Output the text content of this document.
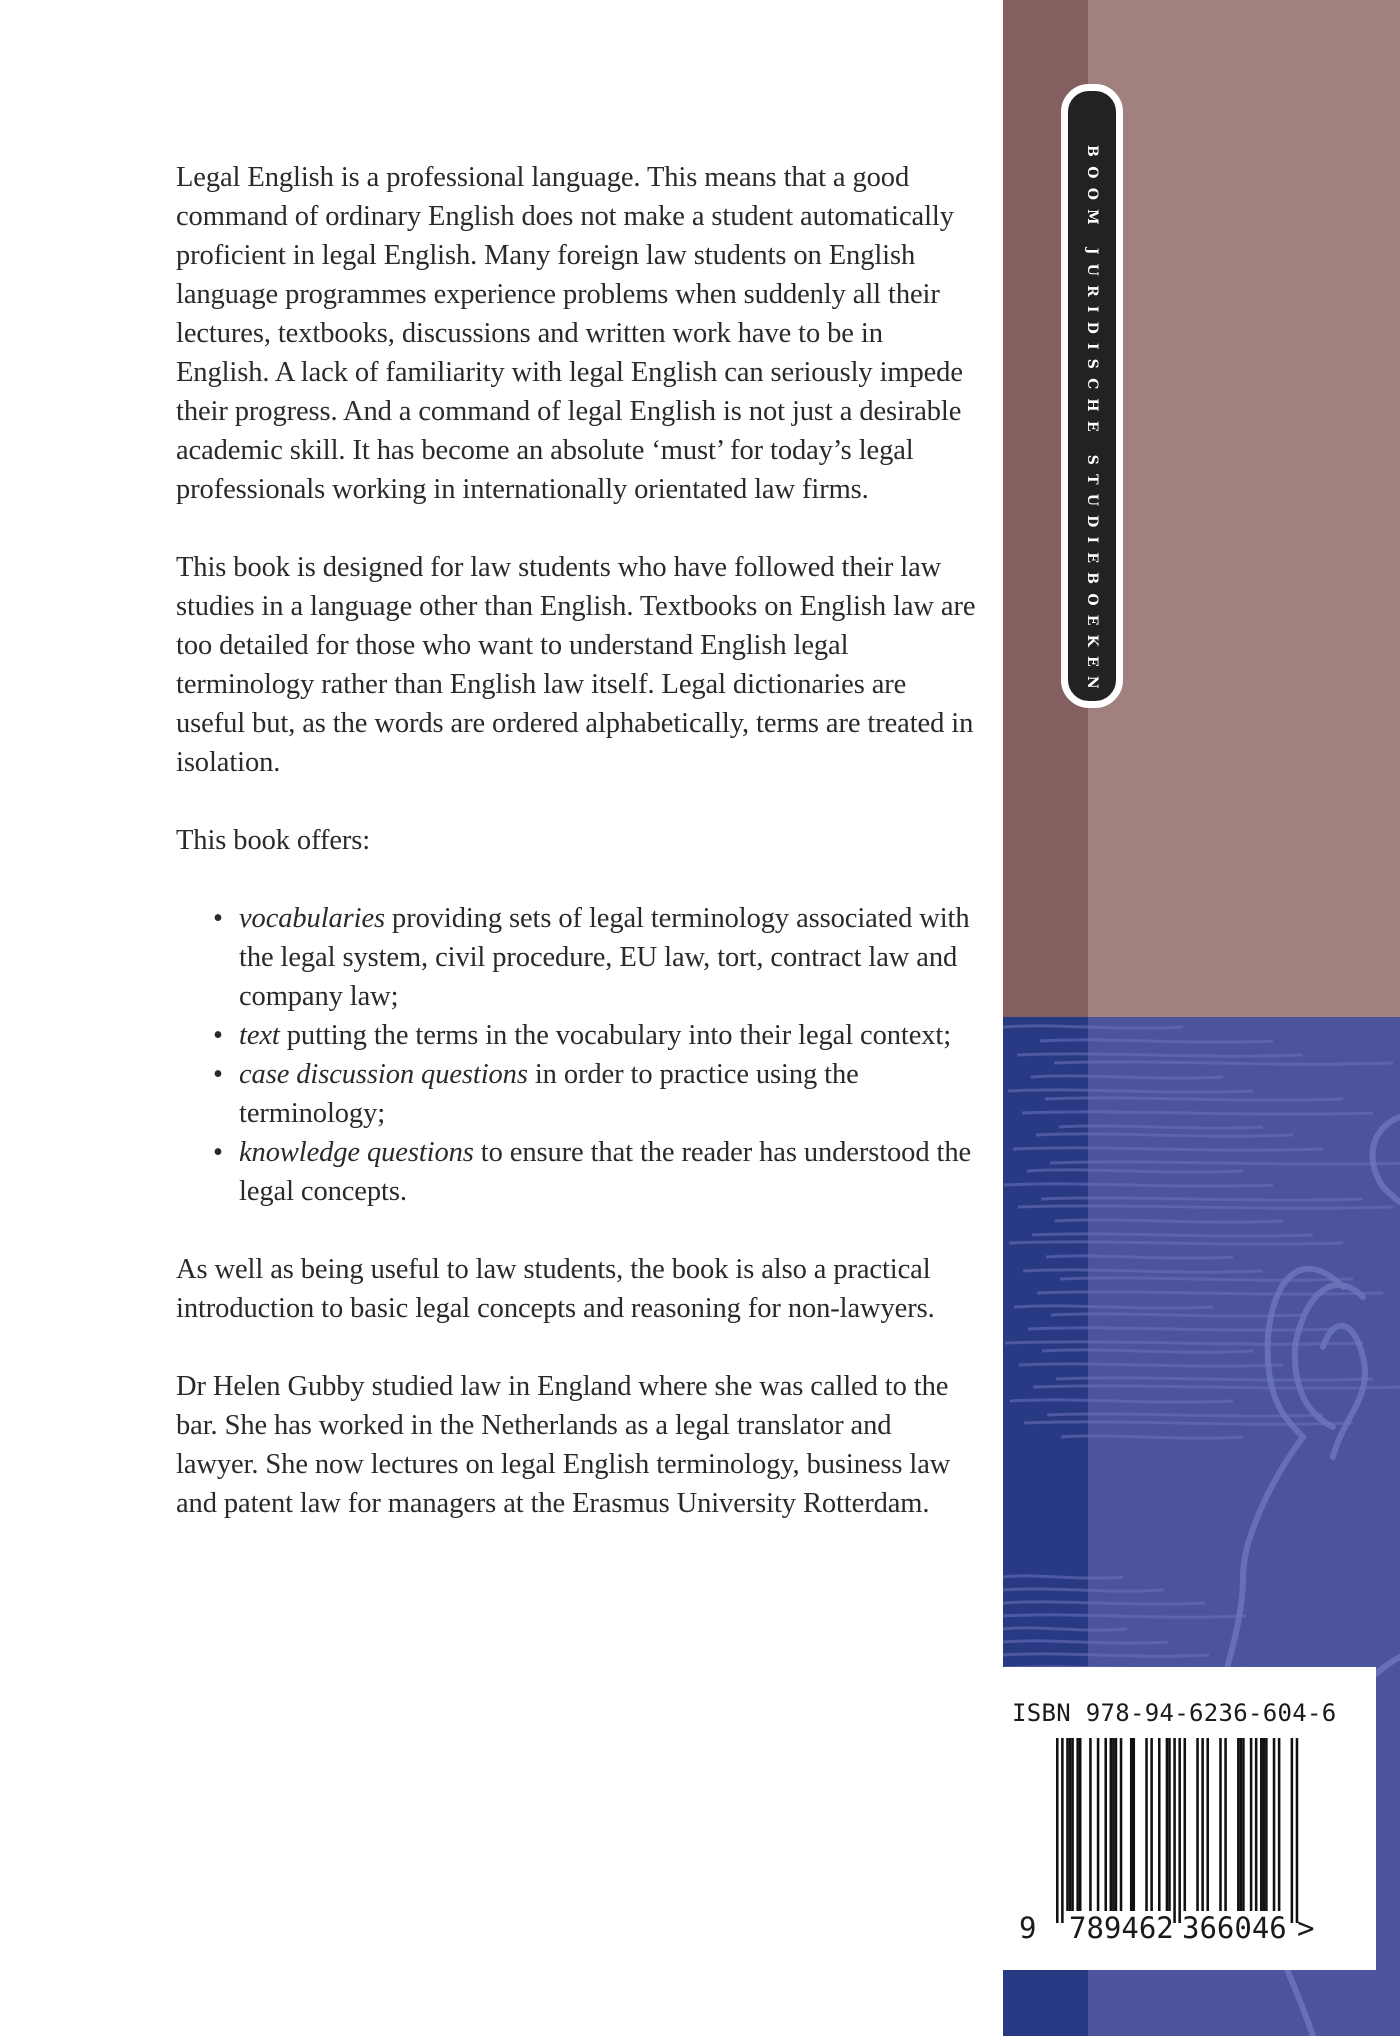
BOOM JURIDISCHE STUDIEBOEKEN

Legal English is a professional language. This means that a good command of ordinary English does not make a student automatically proficient in legal English. Many foreign law students on English language programmes experience problems when suddenly all their lectures, textbooks, discussions and written work have to be in English. A lack of familiarity with legal English can seriously impede their progress. And a command of legal English is not just a desirable academic skill. It has become an absolute ‘must’ for today’s legal professionals working in internationally orientated law firms.

This book is designed for law students who have followed their law studies in a language other than English. Textbooks on English law are too detailed for those who want to understand English legal terminology rather than English law itself. Legal dictionaries are useful but, as the words are ordered alphabetically, terms are treated in isolation.

This book offers:

• vocabularies providing sets of legal terminology associated with the legal system, civil procedure, EU law, tort, contract law and company law;
• text putting the terms in the vocabulary into their legal context;
• case discussion questions in order to practice using the terminology;
• knowledge questions to ensure that the reader has understood the legal concepts.

As well as being useful to law students, the book is also a practical introduction to basic legal concepts and reasoning for non-lawyers.

Dr Helen Gubby studied law in England where she was called to the bar. She has worked in the Netherlands as a legal translator and lawyer. She now lectures on legal English terminology, business law and patent law for managers at the Erasmus University Rotterdam.

ISBN 978-94-6236-604-6
9 789462 366046 >
